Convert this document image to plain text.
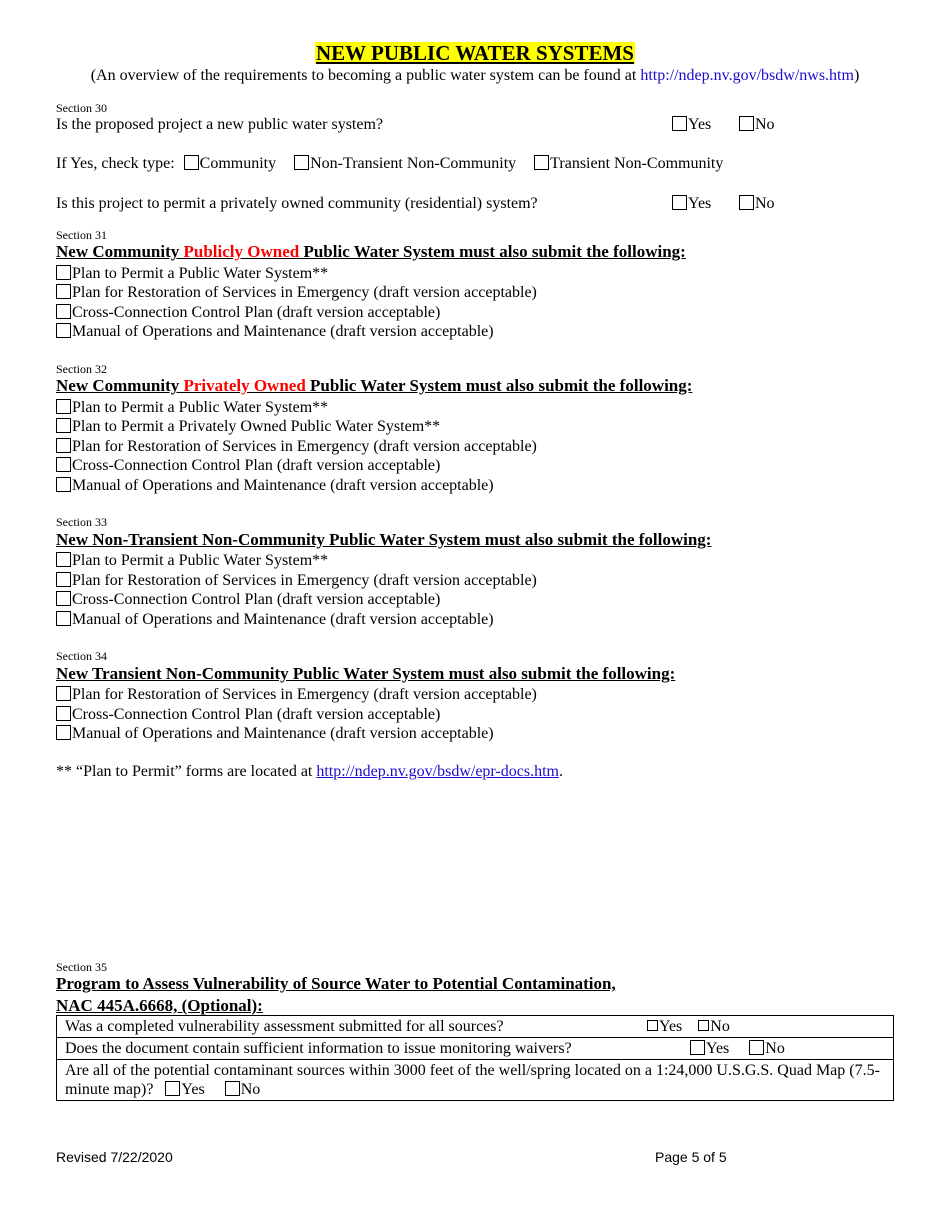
NEW PUBLIC WATER SYSTEMS
(An overview of the requirements to becoming a public water system can be found at http://ndep.nv.gov/bsdw/nws.htm)
Section 30
Is the proposed project a new public water system?	Yes	No
If Yes, check type: Community Non-Transient Non-Community Transient Non-Community
Is this project to permit a privately owned community (residential) system?	Yes	No
Section 31
New Community Publicly Owned Public Water System must also submit the following:
Plan to Permit a Public Water System**
Plan for Restoration of Services in Emergency (draft version acceptable)
Cross-Connection Control Plan (draft version acceptable)
Manual of Operations and Maintenance (draft version acceptable)
Section 32
New Community Privately Owned Public Water System must also submit the following:
Plan to Permit a Public Water System**
Plan to Permit a Privately Owned Public Water System**
Plan for Restoration of Services in Emergency (draft version acceptable)
Cross-Connection Control Plan (draft version acceptable)
Manual of Operations and Maintenance (draft version acceptable)
Section 33
New Non-Transient Non-Community Public Water System must also submit the following:
Plan to Permit a Public Water System**
Plan for Restoration of Services in Emergency (draft version acceptable)
Cross-Connection Control Plan (draft version acceptable)
Manual of Operations and Maintenance (draft version acceptable)
Section 34
New Transient Non-Community Public Water System must also submit the following:
Plan for Restoration of Services in Emergency (draft version acceptable)
Cross-Connection Control Plan (draft version acceptable)
Manual of Operations and Maintenance (draft version acceptable)
** “Plan to Permit” forms are located at http://ndep.nv.gov/bsdw/epr-docs.htm.
Section 35
Program to Assess Vulnerability of Source Water to Potential Contamination,
NAC 445A.6668, (Optional):
Was a completed vulnerability assessment submitted for all sources?	Yes No
Does the document contain sufficient information to issue monitoring waivers?	Yes No
Are all of the potential contaminant sources within 3000 feet of the well/spring located on a 1:24,000 U.S.G.S. Quad Map (7.5-minute map)? Yes No
Revised 7/22/2020	Page 5 of 5
